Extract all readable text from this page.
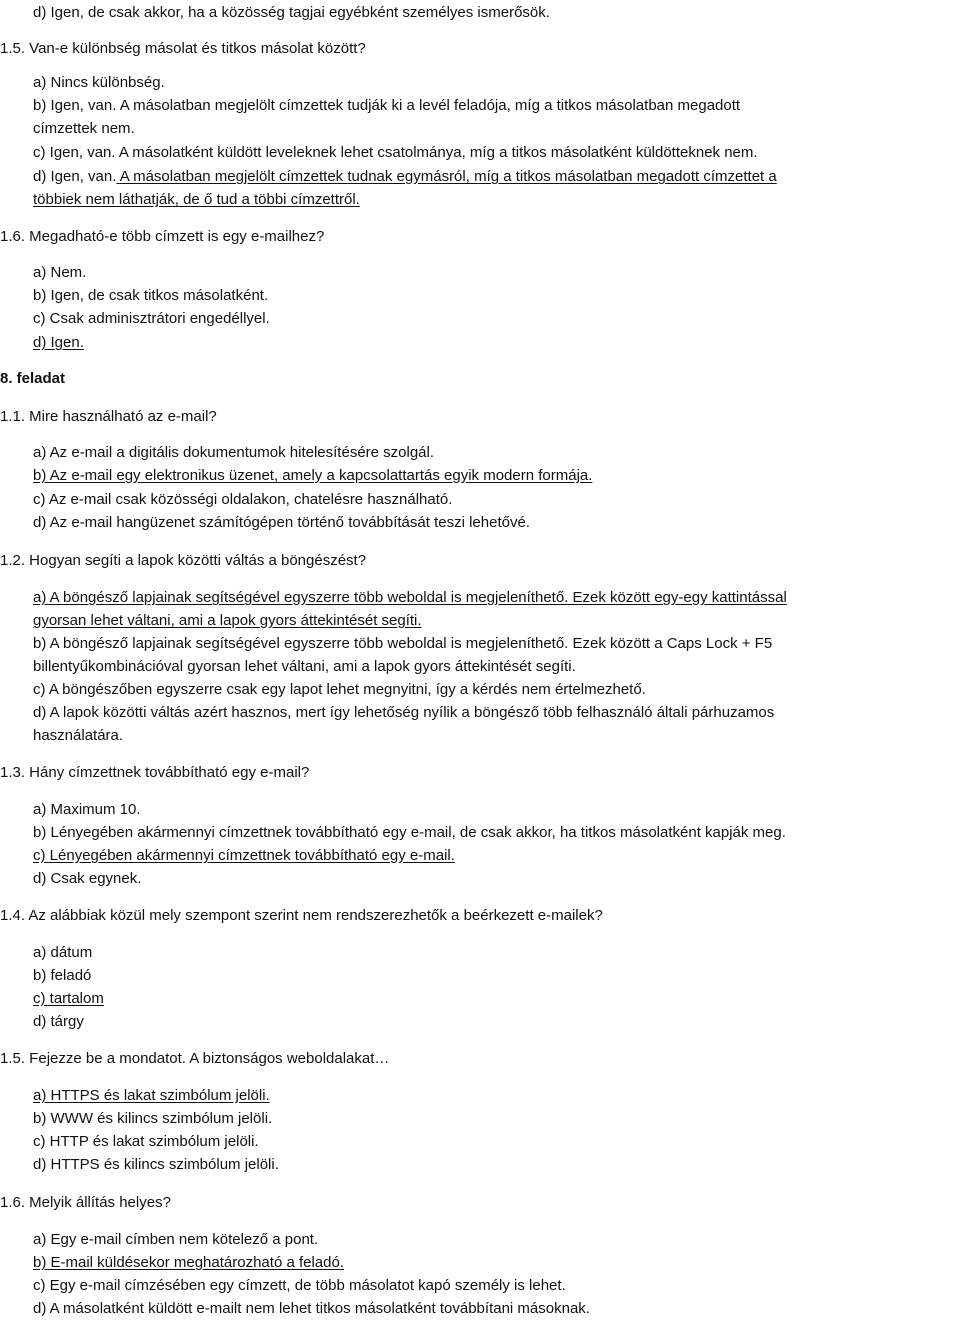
d) Igen, de csak akkor, ha a közösség tagjai egyébként személyes ismerősök.
1.5. Van-e különbség másolat és titkos másolat között?
a) Nincs különbség.
b) Igen, van. A másolatban megjelölt címzettek tudják ki a levél feladója, míg a titkos másolatban megadott
címzettek nem.
c) Igen, van. A másolatként küldött leveleknek lehet csatolmánya, míg a titkos másolatként küldötteknek nem.
d) Igen, van. A másolatban megjelölt címzettek tudnak egymásról, míg a titkos másolatban megadott címzettet a
többiek nem láthatják, de ő tud a többi címzettről.
1.6. Megadható-e több címzett is egy e-mailhez?
a) Nem.
b) Igen, de csak titkos másolatként.
c) Csak adminisztrátori engedéllyel.
d) Igen.
8. feladat
1.1. Mire használható az e-mail?
a) Az e-mail a digitális dokumentumok hitelesítésére szolgál.
b) Az e-mail egy elektronikus üzenet, amely a kapcsolattartás egyik modern formája.
c) Az e-mail csak közösségi oldalakon, chatelésre használható.
d) Az e-mail hangüzenet számítógépen történő továbbítását teszi lehetővé.
1.2. Hogyan segíti a lapok közötti váltás a böngészést?
a) A böngésző lapjainak segítségével egyszerre több weboldal is megjeleníthető. Ezek között egy-egy kattintással
gyorsan lehet váltani, ami a lapok gyors áttekintését segíti.
b) A böngésző lapjainak segítségével egyszerre több weboldal is megjeleníthető. Ezek között a Caps Lock + F5
billentyűkombinációval gyorsan lehet váltani, ami a lapok gyors áttekintését segíti.
c) A böngészőben egyszerre csak egy lapot lehet megnyitni, így a kérdés nem értelmezhető.
d) A lapok közötti váltás azért hasznos, mert így lehetőség nyílik a böngésző több felhasználó általi párhuzamos
használatára.
1.3. Hány címzettnek továbbítható egy e-mail?
a) Maximum 10.
b) Lényegében akármennyi címzettnek továbbítható egy e-mail, de csak akkor, ha titkos másolatként kapják meg.
c) Lényegében akármennyi címzettnek továbbítható egy e-mail.
d) Csak egynek.
1.4. Az alábbiak közül mely szempont szerint nem rendszerezhetők a beérkezett e-mailek?
a) dátum
b) feladó
c) tartalom
d) tárgy
1.5. Fejezze be a mondatot. A biztonságos weboldalakat…
a) HTTPS és lakat szimbólum jelöli.
b) WWW és kilincs szimbólum jelöli.
c) HTTP és lakat szimbólum jelöli.
d) HTTPS és kilincs szimbólum jelöli.
1.6. Melyik állítás helyes?
a) Egy e-mail címben nem kötelező a pont.
b) E-mail küldésekor meghatározható a feladó.
c) Egy e-mail címzésében egy címzett, de több másolatot kapó személy is lehet.
d) A másolatként küldött e-mailt nem lehet titkos másolatként továbbítani másoknak.
